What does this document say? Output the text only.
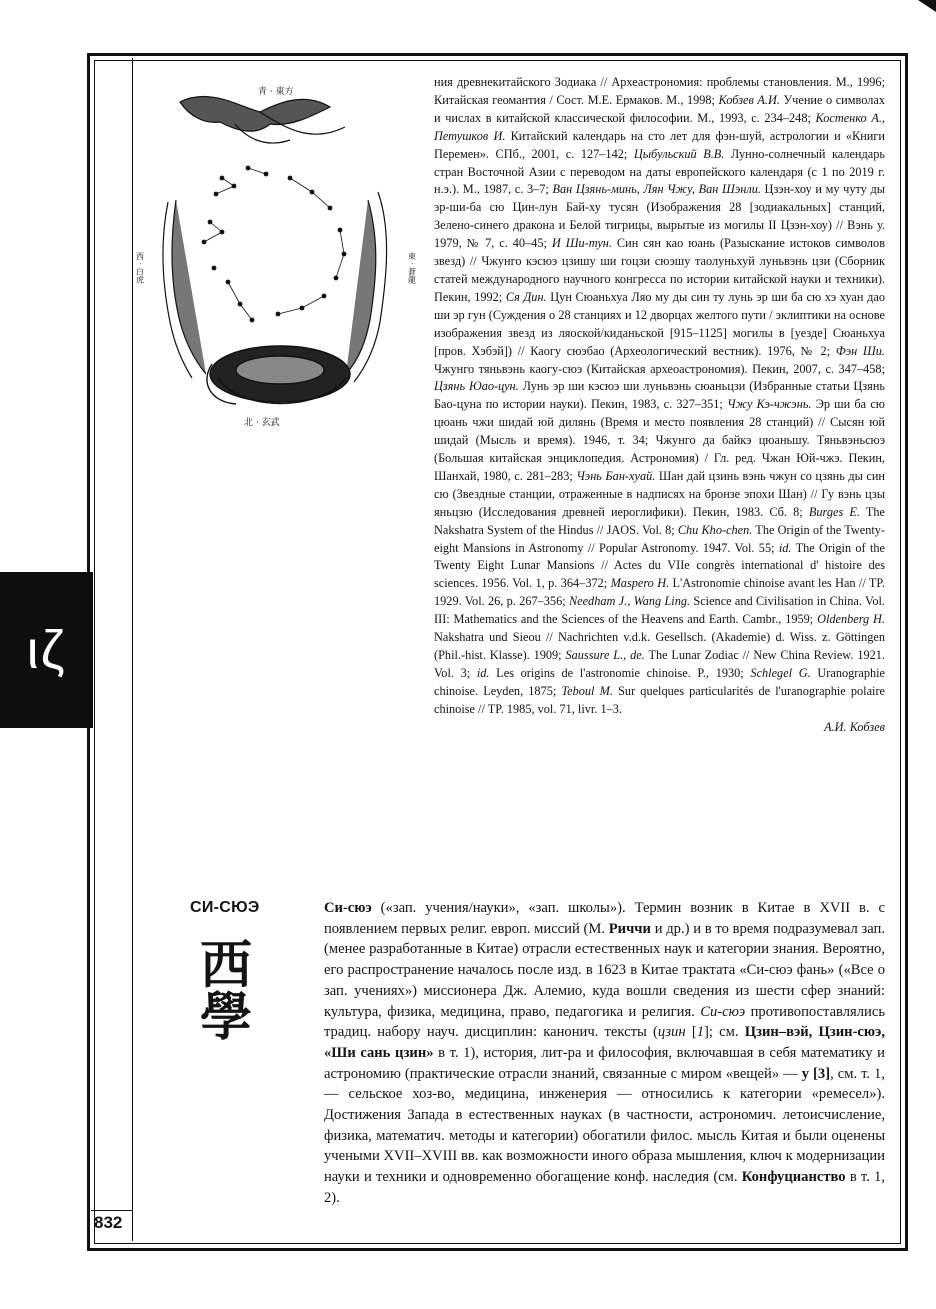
832
ιζ
青 · 東方
北 · 玄武
西 · 白虎	東 · 蒼龍
ния древнекитайского Зодиака // Археастрономия: проблемы становления. М., 1996; Китайская геомантия / Сост. М.Е. Ермаков. М., 1998; Кобзев А.И. Учение о символах и числах в китайской классической философии. М., 1993, с. 234–248; Костенко А., Петушков И. Китайский календарь на сто лет для фэн-шуй, астрологии и «Книги Перемен». СПб., 2001, с. 127–142; Цыбульский В.В. Лунно-солнечный календарь стран Восточной Азии с переводом на даты европейского календаря (с 1 по 2019 г. н.э.). М., 1987, с. 3–7; Ван Цзянь-минь, Лян Чжу, Ван Шэнли. Цзэн-хоу и му чуту ды эр-ши-ба сю Цин-лун Бай-ху тусян (Изображения 28 [зодиакальных] станций, Зелено-синего дракона и Белой тигрицы, вырытые из могилы II Цзэн-хоу) // Вэнь у. 1979, № 7, с. 40–45; И Ши-тун. Син сян као юань (Разыскание истоков символов звезд) // Чжунго кэсюэ цзишу ши гоцзи сюэшу таолуньхуй луньвэнь цзи (Сборник статей международного научного конгресса по истории китайской науки и техники). Пекин, 1992; Ся Дин. Цун Сюаньхуа Ляо му ды син ту лунь эр ши ба сю хэ хуан дао ши эр гун (Суждения о 28 станциях и 12 дворцах желтого пути / эклиптики на основе изображения звезд из ляоской/киданьской [915–1125] могилы в [уезде] Сюаньхуа [пров. Хэбэй]) // Каогу сюэбао (Археологический вестник). 1976, № 2; Фэн Ши. Чжунго тяньвэнь каогу-сюэ (Китайская археоастрономия). Пекин, 2007, с. 347–458; Цзянь Юао-цун. Лунь эр ши кэсюэ ши луньвэнь сюаньцзи (Избранные статьи Цзянь Бао-цуна по истории науки). Пекин, 1983, с. 327–351; Чжу Кэ-чжэнь. Эр ши ба сю цюань чжи шидай юй дилянь (Время и место появления 28 станций) // Сысян юй шидай (Мысль и время). 1946, т. 34; Чжунго да байкэ цюаньшу. Тяньвэньсюэ (Большая китайская энциклопедия. Астрономия) / Гл. ред. Чжан Юй-чжэ. Пекин, Шанхай, 1980, с. 281–283; Чэнь Бан-хуай. Шан дай цзинь вэнь чжун со цзянь ды син сю (Звездные станции, отраженные в надписях на бронзе эпохи Шан) // Гу вэнь цзы яньцзю (Исследования древней иероглифики). Пекин, 1983. Сб. 8; Burges E. The Nakshatra System of the Hindus // JAOS. Vol. 8; Chu Kho-chen. The Origin of the Twenty-eight Mansions in Astronomy // Popular Astronomy. 1947. Vol. 55; id. The Origin of the Twenty Eight Lunar Mansions // Actes du VIIe congrès international d' histoire des sciences. 1956. Vol. 1, p. 364–372; Maspero H. L'Astronomie chinoise avant les Han // TP. 1929. Vol. 26, p. 267–356; Needham J., Wang Ling. Science and Civilisation in China. Vol. III: Mathematics and the Sciences of the Heavens and Earth. Cambr., 1959; Oldenberg H. Nakshatra und Sieou // Nachrichten v.d.k. Gesellsch. (Akademie) d. Wiss. z. Göttingen (Phil.-hist. Klasse). 1909; Saussure L., de. The Lunar Zodiac // New China Review. 1921. Vol. 3; id. Les origins de l'astronomie chinoise. P., 1930; Schlegel G. Uranographie chinoise. Leyden, 1875; Teboul M. Sur quelques particularités de l'uranographie polaire chinoise // TP. 1985, vol. 71, livr. 1–3.
А.И. Кобзев
СИ-СЮЭ
西
學
Си-сюэ («зап. учения/науки», «зап. школы»). Термин возник в Китае в XVII в. с появлением первых религ. европ. миссий (М. Риччи и др.) и в то время подразумевал зап. (менее разработанные в Китае) отрасли естественных наук и категории знания. Вероятно, его распространение началось после изд. в 1623 в Китае трактата «Си-сюэ фань» («Все о зап. учениях») миссионера Дж. Алемио, куда вошли сведения из шести сфер знаний: культура, физика, медицина, право, педагогика и религия. Си-сюэ противопоставлялись традиц. набору науч. дисциплин: канонич. тексты (цзин [1]; см. Цзин–вэй, Цзин-сюэ, «Ши сань цзин» в т. 1), история, лит-ра и философия, включавшая в себя математику и астрономию (практические отрасли знаний, связанные с миром «вещей» — у [3], см. т. 1, — сельское хоз-во, медицина, инженерия — относились к категории «ремесел»). Достижения Запада в естественных науках (в частности, астрономич. летоисчисление, физика, математич. методы и категории) обогатили филос. мысль Китая и были оценены учеными XVII–XVIII вв. как возможности иного образа мышления, ключ к модернизации науки и техники и одновременно обогащение конф. наследия (см. Конфуцианство в т. 1, 2).
